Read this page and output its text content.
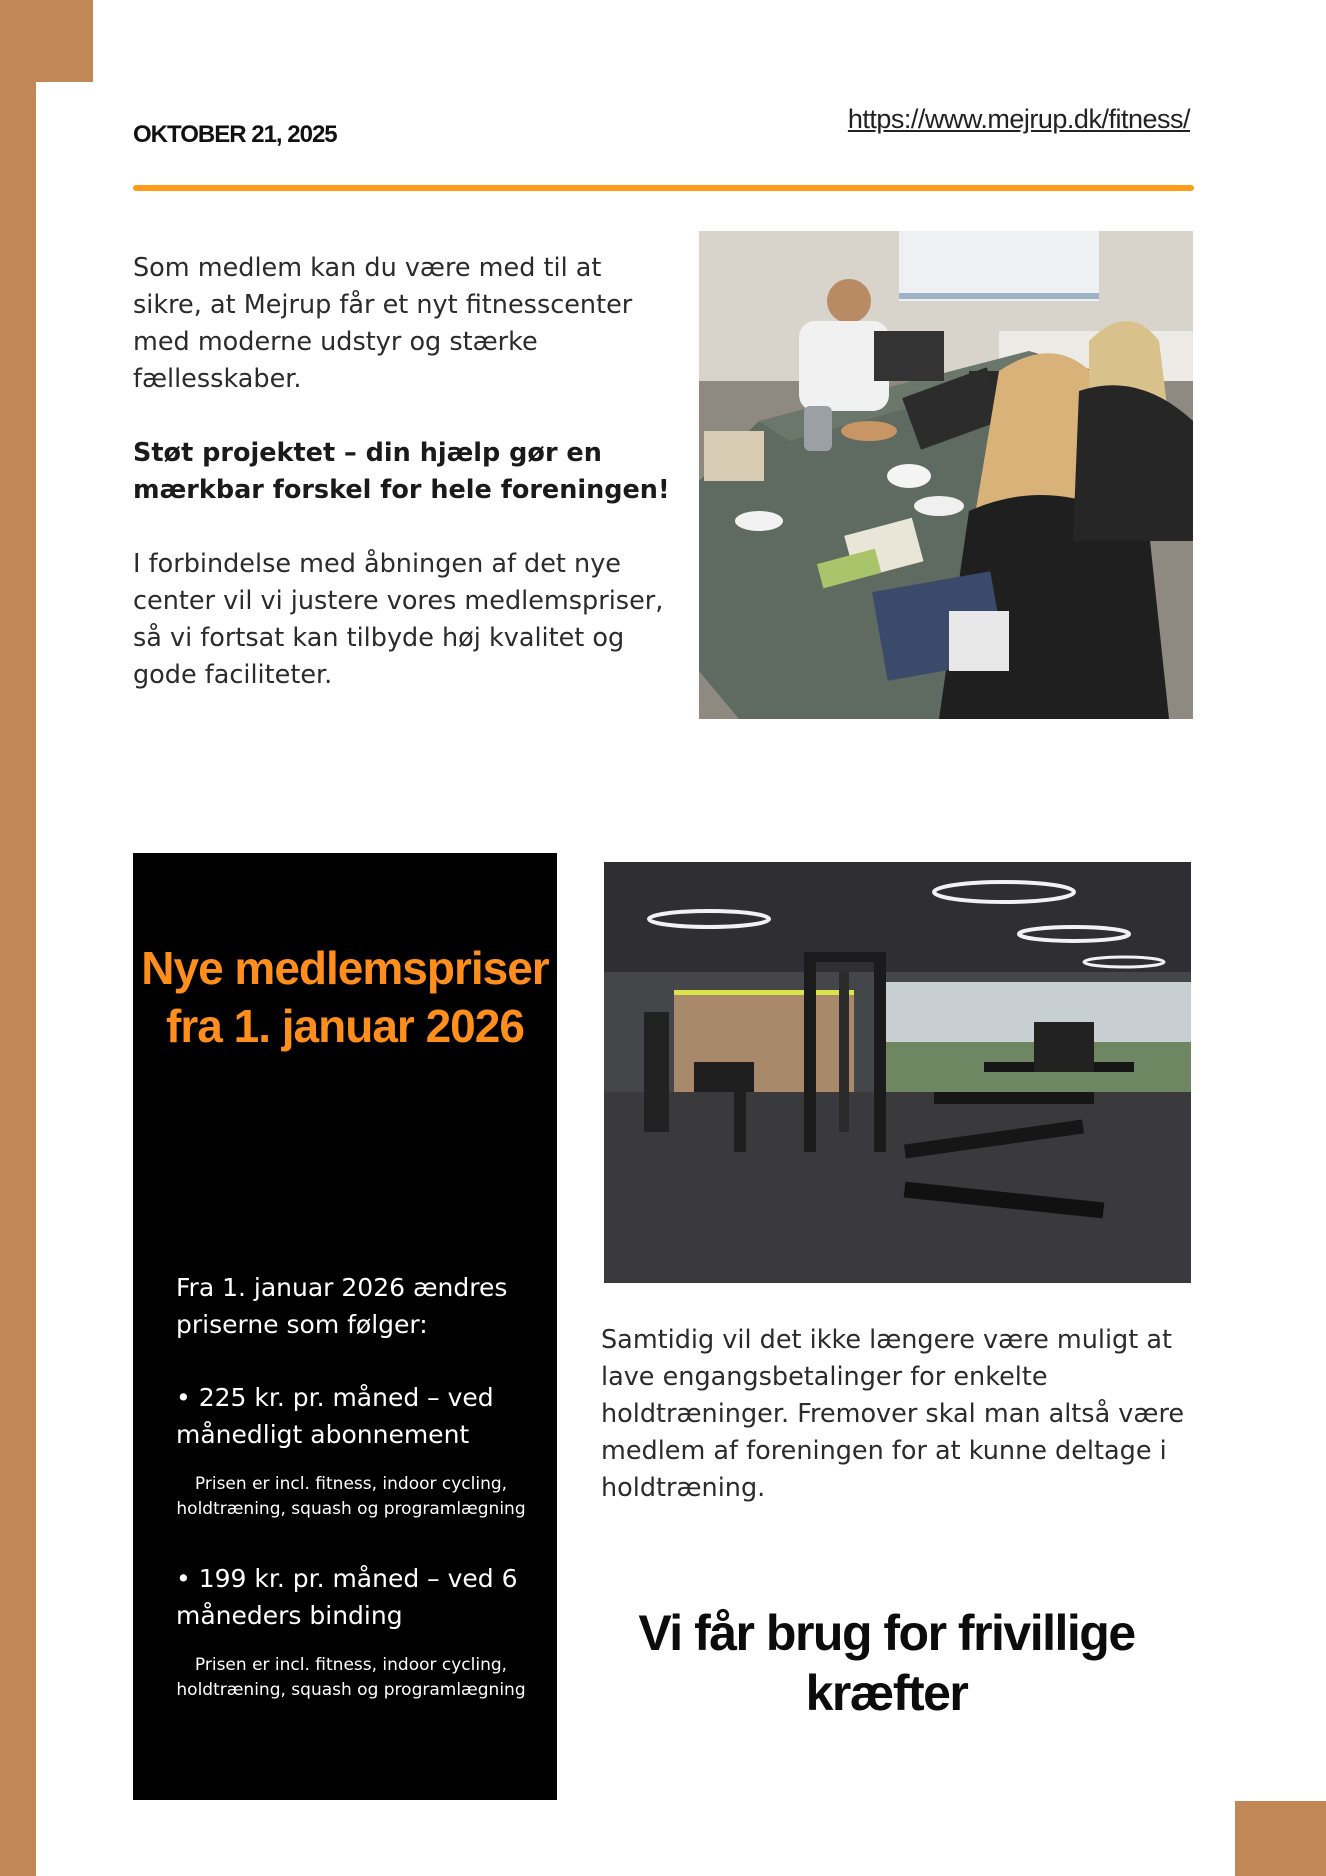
OKTOBER 21, 2025
https://www.mejrup.dk/fitness/

Som medlem kan du være med til at sikre, at Mejrup får et nyt fitnesscenter med moderne udstyr og stærke fællesskaber.

Støt projektet – din hjælp gør en mærkbar forskel for hele foreningen!

I forbindelse med åbningen af det nye center vil vi justere vores medlemspriser, så vi fortsat kan tilbyde høj kvalitet og gode faciliteter.

Nye medlemspriser fra 1. januar 2026

Fra 1. januar 2026 ændres priserne som følger:

• 225 kr. pr. måned – ved månedligt abonnement

Prisen er incl. fitness, indoor cycling, holdtræning, squash og programlægning

• 199 kr. pr. måned – ved 6 måneders binding

Prisen er incl. fitness, indoor cycling, holdtræning, squash og programlægning

Samtidig vil det ikke længere være muligt at lave engangsbetalinger for enkelte holdtræninger. Fremover skal man altså være medlem af foreningen for at kunne deltage i holdtræning.
Vi får brug for frivillige kræfter
